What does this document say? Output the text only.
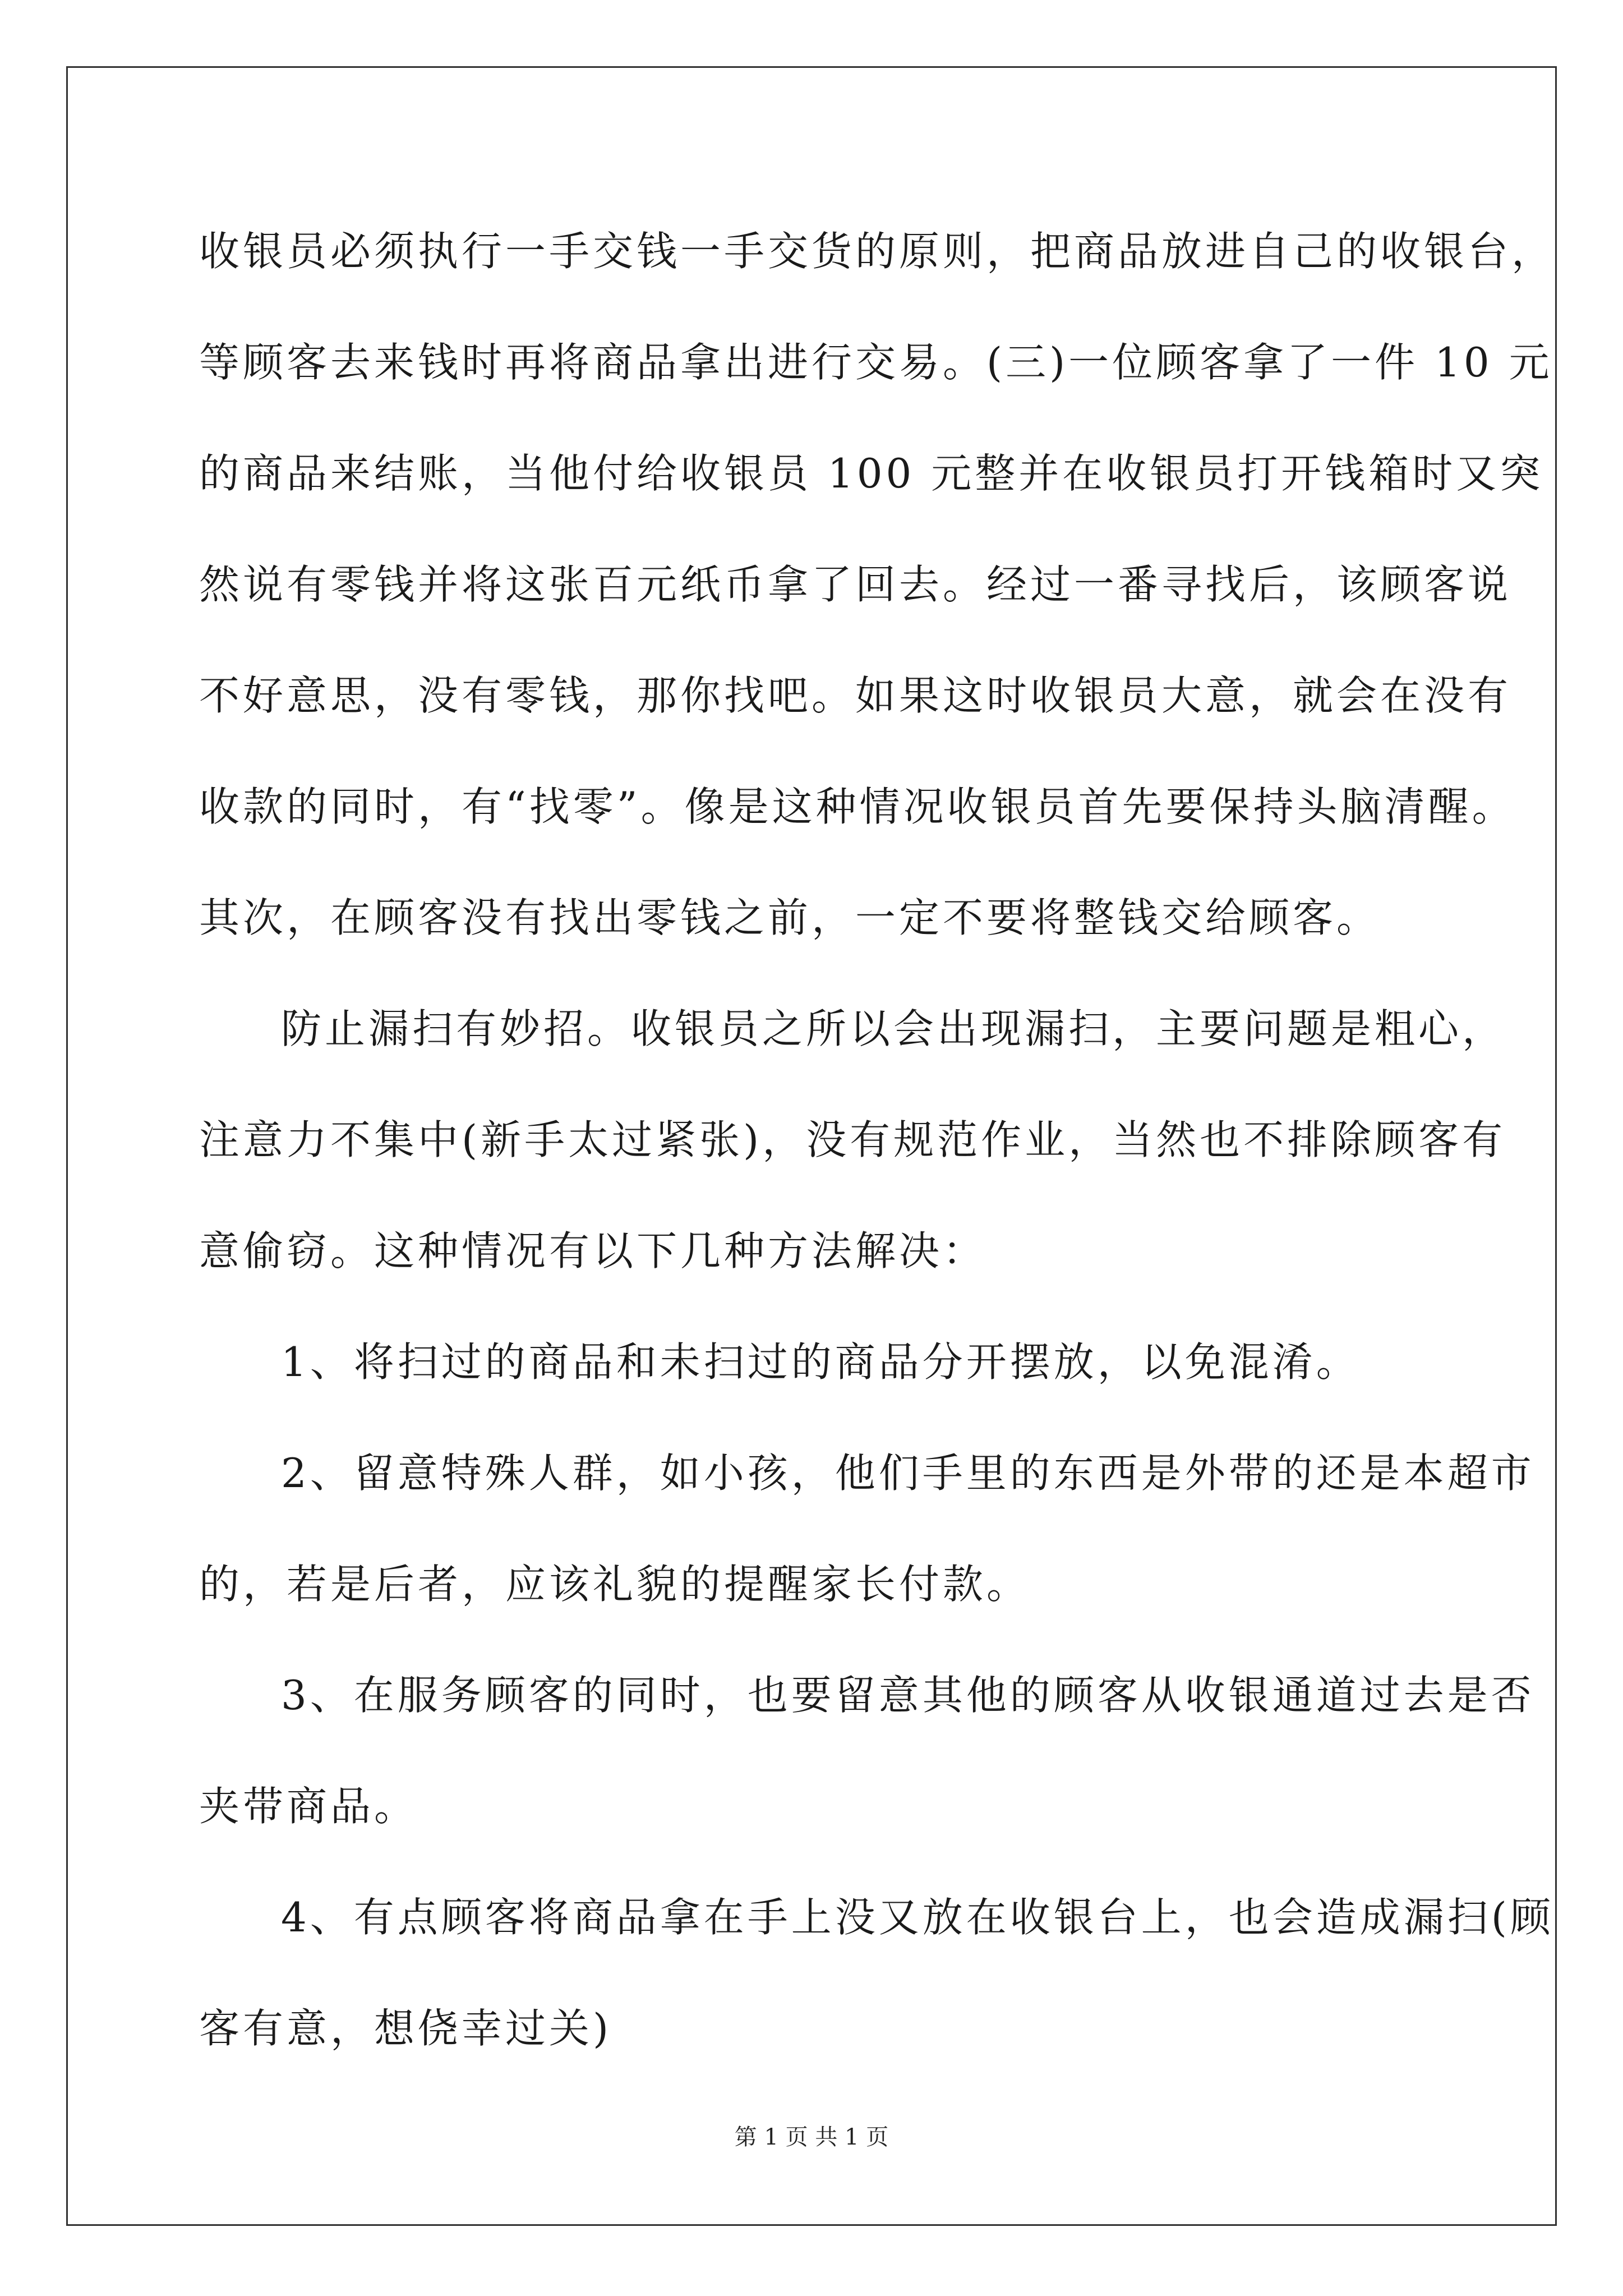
收银员必须执行一手交钱一手交货的原则，把商品放进自己的收银台，
等顾客去来钱时再将商品拿出进行交易。(三)一位顾客拿了一件 10 元
的商品来结账，当他付给收银员 100 元整并在收银员打开钱箱时又突
然说有零钱并将这张百元纸币拿了回去。经过一番寻找后，该顾客说
不好意思，没有零钱，那你找吧。如果这时收银员大意，就会在没有
收款的同时，有“找零”。像是这种情况收银员首先要保持头脑清醒。
其次，在顾客没有找出零钱之前，一定不要将整钱交给顾客。
防止漏扫有妙招。收银员之所以会出现漏扫，主要问题是粗心，
注意力不集中(新手太过紧张)，没有规范作业，当然也不排除顾客有
意偷窃。这种情况有以下几种方法解决：
1、将扫过的商品和未扫过的商品分开摆放，以免混淆。
2、留意特殊人群，如小孩，他们手里的东西是外带的还是本超市
的，若是后者，应该礼貌的提醒家长付款。
3、在服务顾客的同时，也要留意其他的顾客从收银通道过去是否
夹带商品。
4、有点顾客将商品拿在手上没又放在收银台上，也会造成漏扫(顾
客有意，想侥幸过关)
第 1 页 共 1 页
